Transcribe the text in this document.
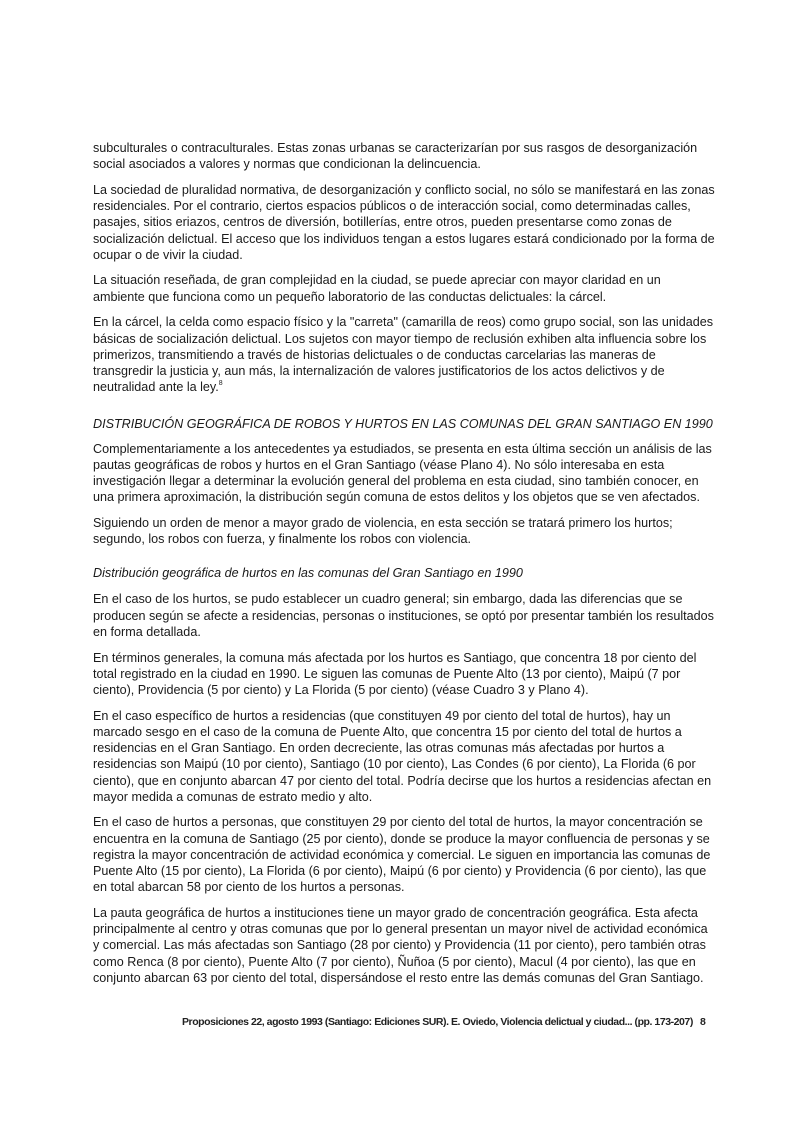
subculturales o contraculturales. Estas zonas urbanas se caracterizarían por sus rasgos de desorganización social asociados a valores y normas que condicionan la delincuencia.

La sociedad de pluralidad normativa, de desorganización y conflicto social, no sólo se manifestará en las zonas residenciales. Por el contrario, ciertos espacios públicos o de interacción social, como determinadas calles, pasajes, sitios eriazos, centros de diversión, botillerías, entre otros, pueden presentarse como zonas de socialización delictual. El acceso que los individuos tengan a estos lugares estará condicionado por la forma de ocupar o de vivir la ciudad.

La situación reseñada, de gran complejidad en la ciudad, se puede apreciar con mayor claridad en un ambiente que funciona como un pequeño laboratorio de las conductas delictuales: la cárcel.

En la cárcel, la celda como espacio físico y la "carreta" (camarilla de reos) como grupo social, son las unidades básicas de socialización delictual. Los sujetos con mayor tiempo de reclusión exhiben alta influencia sobre los primerizos, transmitiendo a través de historias delictuales o de conductas carcelarias las maneras de transgredir la justicia y, aun más, la internalización de valores justificatorios de los actos delictivos y de neutralidad ante la ley.$^8$

DISTRIBUCIÓN GEOGRÁFICA DE ROBOS Y HURTOS EN LAS COMUNAS DEL GRAN SANTIAGO EN 1990

Complementariamente a los antecedentes ya estudiados, se presenta en esta última sección un análisis de las pautas geográficas de robos y hurtos en el Gran Santiago (véase Plano 4). No sólo interesaba en esta investigación llegar a determinar la evolución general del problema en esta ciudad, sino también conocer, en una primera aproximación, la distribución según comuna de estos delitos y los objetos que se ven afectados.

Siguiendo un orden de menor a mayor grado de violencia, en esta sección se tratará primero los hurtos; segundo, los robos con fuerza, y finalmente los robos con violencia.

Distribución geográfica de hurtos en las comunas del Gran Santiago en 1990

En el caso de los hurtos, se pudo establecer un cuadro general; sin embargo, dada las diferencias que se producen según se afecte a residencias, personas o instituciones, se optó por presentar también los resultados en forma detallada.

En términos generales, la comuna más afectada por los hurtos es Santiago, que concentra 18 por ciento del total registrado en la ciudad en 1990. Le siguen las comunas de Puente Alto (13 por ciento), Maipú (7 por ciento), Providencia (5 por ciento) y La Florida (5 por ciento) (véase Cuadro 3 y Plano 4).

En el caso específico de hurtos a residencias (que constituyen 49 por ciento del total de hurtos), hay un marcado sesgo en el caso de la comuna de Puente Alto, que concentra 15 por ciento del total de hurtos a residencias en el Gran Santiago. En orden decreciente, las otras comunas más afectadas por hurtos a residencias son Maipú (10 por ciento), Santiago (10 por ciento), Las Condes (6 por ciento), La Florida (6 por ciento), que en conjunto abarcan 47 por ciento del total. Podría decirse que los hurtos a residencias afectan en mayor medida a comunas de estrato medio y alto.

En el caso de hurtos a personas, que constituyen 29 por ciento del total de hurtos, la mayor concentración se encuentra en la comuna de Santiago (25 por ciento), donde se produce la mayor confluencia de personas y se registra la mayor concentración de actividad económica y comercial. Le siguen en importancia las comunas de Puente Alto (15 por ciento), La Florida (6 por ciento), Maipú (6 por ciento) y Providencia (6 por ciento), las que en total abarcan 58 por ciento de los hurtos a personas.

La pauta geográfica de hurtos a instituciones tiene un mayor grado de concentración geográfica. Esta afecta principalmente al centro y otras comunas que por lo general presentan un mayor nivel de actividad económica y comercial. Las más afectadas son Santiago (28 por ciento) y Providencia (11 por ciento), pero también otras como Renca (8 por ciento), Puente Alto (7 por ciento), Ñuñoa (5 por ciento), Macul (4 por ciento), las que en conjunto abarcan 63 por ciento del total, dispersándose el resto entre las demás comunas del Gran Santiago.

Proposiciones 22, agosto 1993 (Santiago: Ediciones SUR). E. Oviedo, Violencia delictual y ciudad... (pp. 173-207) 8
